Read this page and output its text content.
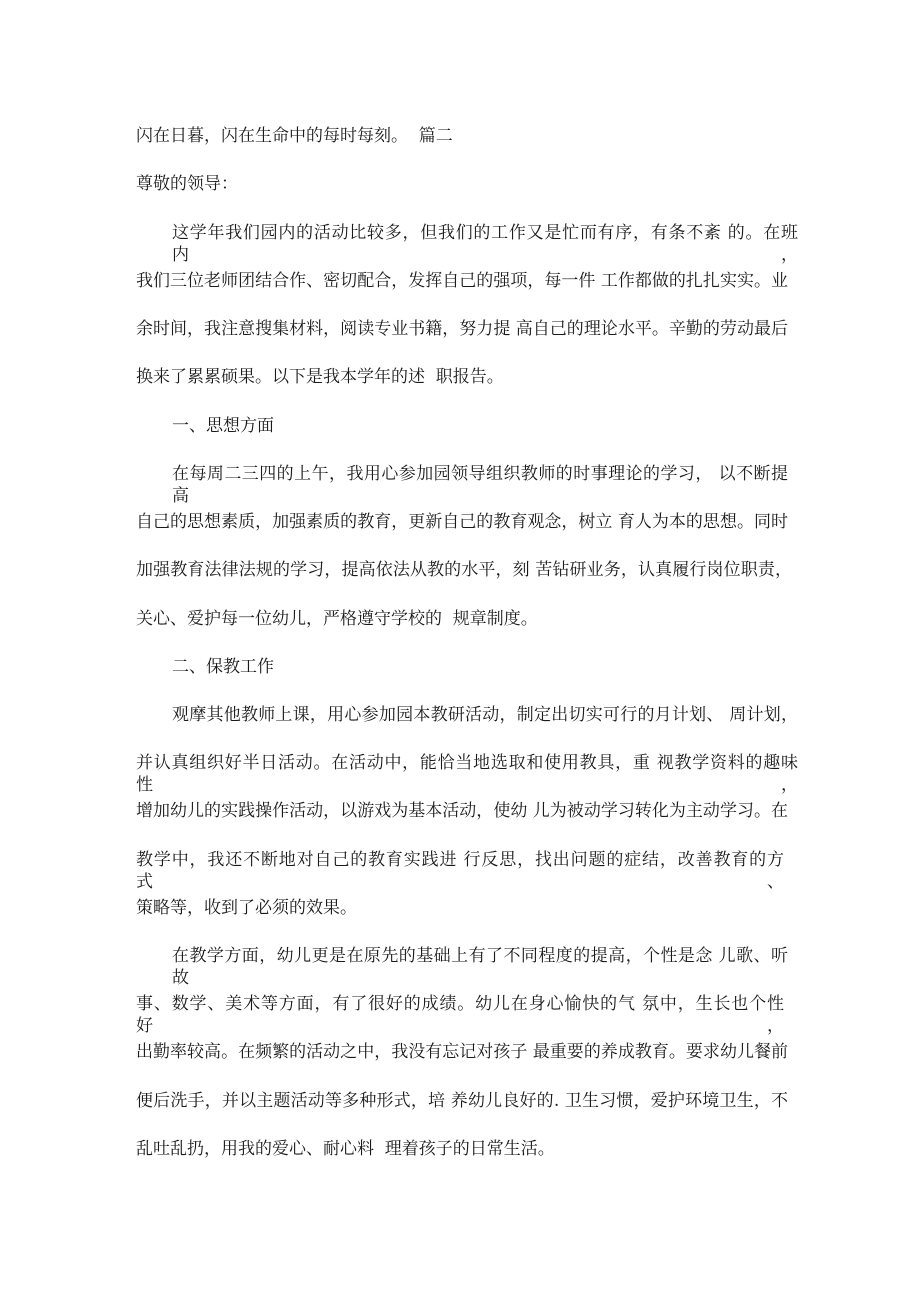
闪在日暮，闪在生命中的每时每刻。  篇二
尊敬的领导：
这学年我们园内的活动比较多，但我们的工作又是忙而有序，有条不紊 的。在班内，
我们三位老师团结合作、密切配合，发挥自己的强项，每一件 工作都做的扎扎实实。业
余时间，我注意搜集材料，阅读专业书籍，努力提 高自己的理论水平。辛勤的劳动最后
换来了累累硕果。以下是我本学年的述  职报告。
一、思想方面
在每周二三四的上午，我用心参加园领导组织教师的时事理论的学习， 以不断提高
自己的思想素质，加强素质的教育，更新自己的教育观念，树立 育人为本的思想。同时
加强教育法律法规的学习，提高依法从教的水平，刻 苦钻研业务，认真履行岗位职责，
关心、爱护每一位幼儿，严格遵守学校的  规章制度。
二、保教工作
观摩其他教师上课，用心参加园本教研活动，制定出切实可行的月计划、 周计划，
并认真组织好半日活动。在活动中，能恰当地选取和使用教具，重 视教学资料的趣味性，
增加幼儿的实践操作活动，以游戏为基本活动，使幼 儿为被动学习转化为主动学习。在
教学中，我还不断地对自己的教育实践进 行反思，找出问题的症结，改善教育的方式、
策略等，收到了必须的效果。
在教学方面，幼儿更是在原先的基础上有了不同程度的提高，个性是念 儿歌、听故
事、数学、美术等方面，有了很好的成绩。幼儿在身心愉快的气 氛中，生长也个性好，
出勤率较高。在频繁的活动之中，我没有忘记对孩子 最重要的养成教育。要求幼儿餐前
便后洗手，并以主题活动等多种形式，培 养幼儿良好的. 卫生习惯，爱护环境卫生，不
乱吐乱扔，用我的爱心、耐心料  理着孩子的日常生活。
